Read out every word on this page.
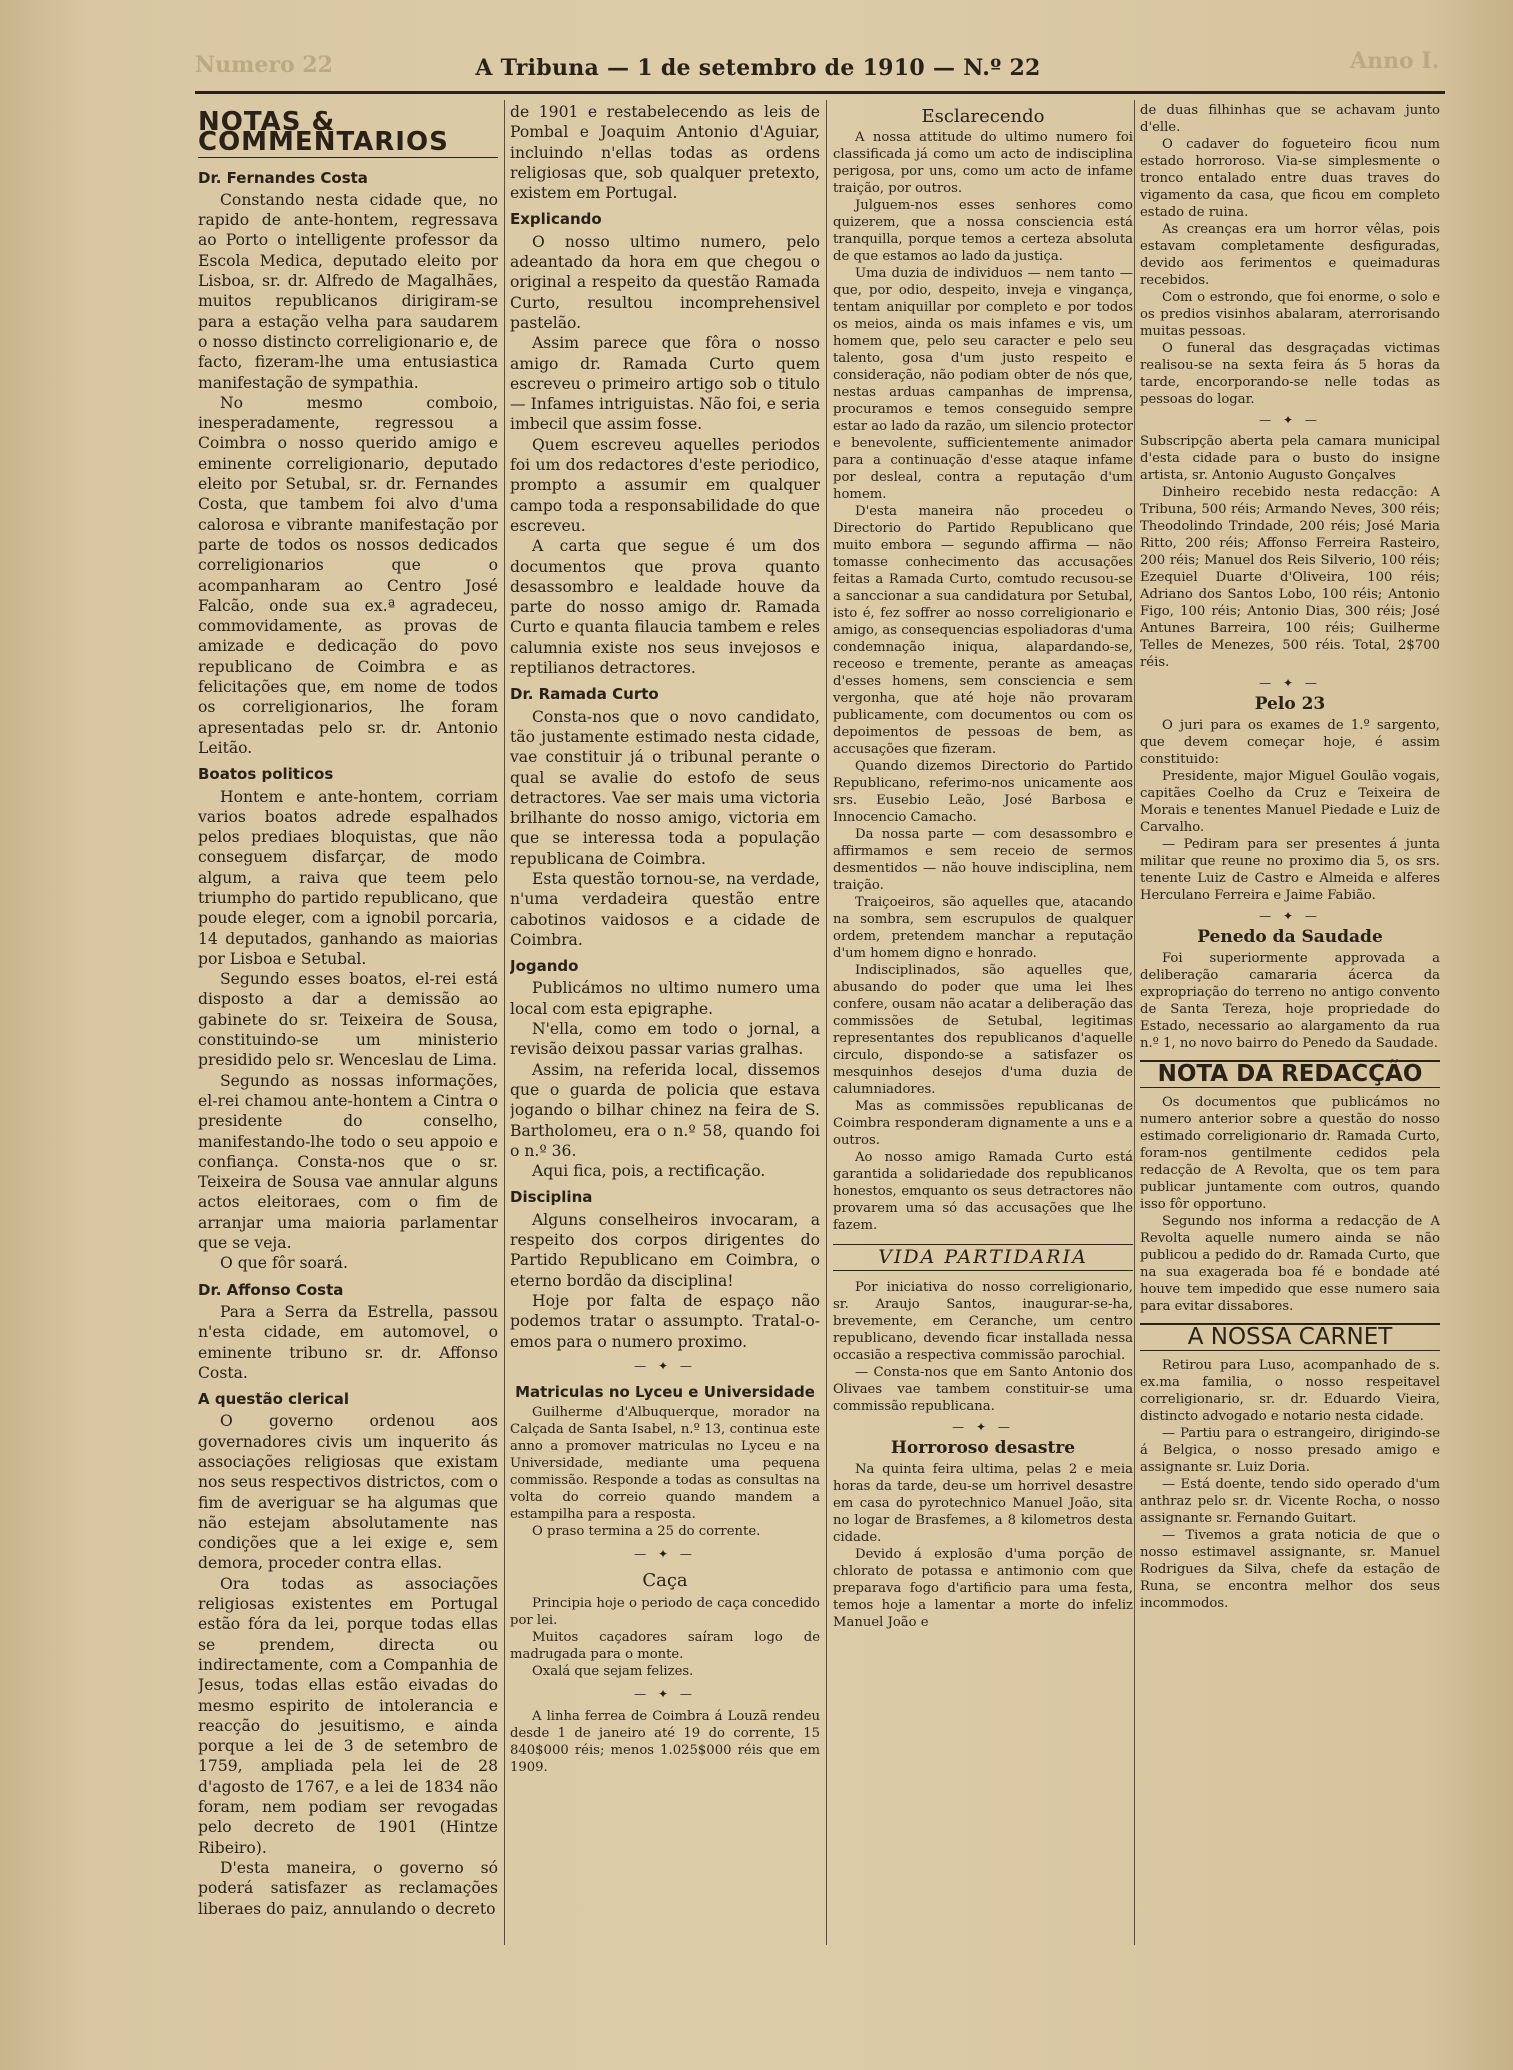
Numero 22	Anno I.
A Tribuna — 1 de setembro de 1910 — N.º 22
NOTAS & COMMENTARIOS
Dr. Fernandes Costa

Constando nesta cidade que, no rapido de ante-hontem, regressava ao Porto o intelligente professor da Escola Medica, deputado eleito por Lisboa, sr. dr. Alfredo de Magalhães, muitos republicanos dirigiram-se para a estação velha para saudarem o nosso distincto correligionario e, de facto, fizeram-lhe uma entusiastica manifestação de sympathia.

No mesmo comboio, inesperadamente, regressou a Coimbra o nosso querido amigo e eminente correligionario, deputado eleito por Setubal, sr. dr. Fernandes Costa, que tambem foi alvo d'uma calorosa e vibrante manifestação por parte de todos os nossos dedicados correligionarios que o acompanharam ao Centro José Falcão, onde sua ex.ª agradeceu, commovidamente, as provas de amizade e dedicação do povo republicano de Coimbra e as felicitações que, em nome de todos os correligionarios, lhe foram apresentadas pelo sr. dr. Antonio Leitão.

Boatos politicos

Hontem e ante-hontem, corriam varios boatos adrede espalhados pelos prediaes bloquistas, que não conseguem disfarçar, de modo algum, a raiva que teem pelo triumpho do partido republicano, que poude eleger, com a ignobil porcaria, 14 deputados, ganhando as maiorias por Lisboa e Setubal.

Segundo esses boatos, el-rei está disposto a dar a demissão ao gabinete do sr. Teixeira de Sousa, constituindo-se um ministerio presidido pelo sr. Wenceslau de Lima.

Segundo as nossas informações, el-rei chamou ante-hontem a Cintra o presidente do conselho, manifestando-lhe todo o seu appoio e confiança. Consta-nos que o sr. Teixeira de Sousa vae annular alguns actos eleitoraes, com o fim de arranjar uma maioria parlamentar que se veja.

O que fôr soará.

Dr. Affonso Costa

Para a Serra da Estrella, passou n'esta cidade, em automovel, o eminente tribuno sr. dr. Affonso Costa.

A questão clerical

O governo ordenou aos governadores civis um inquerito ás associações religiosas que existam nos seus respectivos districtos, com o fim de averiguar se ha algumas que não estejam absolutamente nas condições que a lei exige e, sem demora, proceder contra ellas.

Ora todas as associações religiosas existentes em Portugal estão fóra da lei, porque todas ellas se prendem, directa ou indirectamente, com a Companhia de Jesus, todas ellas estão eivadas do mesmo espirito de intolerancia e reacção do jesuitismo, e ainda porque a lei de 3 de setembro de 1759, ampliada pela lei de 28 d'agosto de 1767, e a lei de 1834 não foram, nem podiam ser revogadas pelo decreto de 1901 (Hintze Ribeiro).

D'esta maneira, o governo só poderá satisfazer as reclamações liberaes do paiz, annulando o decreto

de 1901 e restabelecendo as leis de Pombal e Joaquim Antonio d'Aguiar, incluindo n'ellas todas as ordens religiosas que, sob qualquer pretexto, existem em Portugal.

Explicando

O nosso ultimo numero, pelo adeantado da hora em que chegou o original a respeito da questão Ramada Curto, resultou incomprehensivel pastelão.

Assim parece que fôra o nosso amigo dr. Ramada Curto quem escreveu o primeiro artigo sob o titulo — Infames intriguistas. Não foi, e seria imbecil que assim fosse.

Quem escreveu aquelles periodos foi um dos redactores d'este periodico, prompto a assumir em qualquer campo toda a responsabilidade do que escreveu.

A carta que segue é um dos documentos que prova quanto desassombro e lealdade houve da parte do nosso amigo dr. Ramada Curto e quanta filaucia tambem e reles calumnia existe nos seus invejosos e reptilianos detractores.

Dr. Ramada Curto

Consta-nos que o novo candidato, tão justamente estimado nesta cidade, vae constituir já o tribunal perante o qual se avalie do estofo de seus detractores. Vae ser mais uma victoria brilhante do nosso amigo, victoria em que se interessa toda a população republicana de Coimbra.

Esta questão tornou-se, na verdade, n'uma verdadeira questão entre cabotinos vaidosos e a cidade de Coimbra.

Jogando

Publicámos no ultimo numero uma local com esta epigraphe.

N'ella, como em todo o jornal, a revisão deixou passar varias gralhas.

Assim, na referida local, dissemos que o guarda de policia que estava jogando o bilhar chinez na feira de S. Bartholomeu, era o n.º 58, quando foi o n.º 36.

Aqui fica, pois, a rectificação.

Disciplina

Alguns conselheiros invocaram, a respeito dos corpos dirigentes do Partido Republicano em Coimbra, o eterno bordão da disciplina!

Hoje por falta de espaço não podemos tratar o assumpto. Tratal-o-emos para o numero proximo.

— ✦ —
Matriculas no Lyceu e Universidade

Guilherme d'Albuquerque, morador na Calçada de Santa Isabel, n.º 13, continua este anno a promover matriculas no Lyceu e na Universidade, mediante uma pequena commissão. Responde a todas as consultas na volta do correio quando mandem a estampilha para a resposta.

O praso termina a 25 do corrente.

— ✦ —
Caça

Principia hoje o periodo de caça concedido por lei.

Muitos caçadores saíram logo de madrugada para o monte.

Oxalá que sejam felizes.

— ✦ —

A linha ferrea de Coimbra á Louzã rendeu desde 1 de janeiro até 19 do corrente, 15 840$000 réis; menos 1.025$000 réis que em 1909.

Esclarecendo

A nossa attitude do ultimo numero foi classificada já como um acto de indisciplina perigosa, por uns, como um acto de infame traição, por outros.

Julguem-nos esses senhores como quizerem, que a nossa consciencia está tranquilla, porque temos a certeza absoluta de que estamos ao lado da justiça.

Uma duzia de individuos — nem tanto — que, por odio, despeito, inveja e vingança, tentam aniquillar por completo e por todos os meios, ainda os mais infames e vis, um homem que, pelo seu caracter e pelo seu talento, gosa d'um justo respeito e consideração, não podiam obter de nós que, nestas arduas campanhas de imprensa, procuramos e temos conseguido sempre estar ao lado da razão, um silencio protector e benevolente, sufficientemente animador para a continuação d'esse ataque infame por desleal, contra a reputação d'um homem.

D'esta maneira não procedeu o Directorio do Partido Republicano que muito embora — segundo affirma — não tomasse conhecimento das accusações feitas a Ramada Curto, comtudo recusou-se a sanccionar a sua candidatura por Setubal, isto é, fez soffrer ao nosso correligionario e amigo, as consequencias espoliadoras d'uma condemnação iniqua, alapardando-se, receoso e tremente, perante as ameaças d'esses homens, sem consciencia e sem vergonha, que até hoje não provaram publicamente, com documentos ou com os depoimentos de pessoas de bem, as accusações que fizeram.

Quando dizemos Directorio do Partido Republicano, referimo-nos unicamente aos srs. Eusebio Leão, José Barbosa e Innocencio Camacho.

Da nossa parte — com desassombro e affirmamos e sem receio de sermos desmentidos — não houve indisciplina, nem traição.

Traiçoeiros, são aquelles que, atacando na sombra, sem escrupulos de qualquer ordem, pretendem manchar a reputação d'um homem digno e honrado.

Indisciplinados, são aquelles que, abusando do poder que uma lei lhes confere, ousam não acatar a deliberação das commissões de Setubal, legitimas representantes dos republicanos d'aquelle circulo, dispondo-se a satisfazer os mesquinhos desejos d'uma duzia de calumniadores.

Mas as commissões republicanas de Coimbra responderam dignamente a uns e a outros.

Ao nosso amigo Ramada Curto está garantida a solidariedade dos republicanos honestos, emquanto os seus detractores não provarem uma só das accusações que lhe fazem.

VIDA PARTIDARIA

Por iniciativa do nosso correligionario, sr. Araujo Santos, inaugurar-se-ha, brevemente, em Ceranche, um centro republicano, devendo ficar installada nessa occasião a respectiva commissão parochial.

— Consta-nos que em Santo Antonio dos Olivaes vae tambem constituir-se uma commissão republicana.

— ✦ —
Horroroso desastre

Na quinta feira ultima, pelas 2 e meia horas da tarde, deu-se um horrivel desastre em casa do pyrotechnico Manuel João, sita no logar de Brasfemes, a 8 kilometros desta cidade.

Devido á explosão d'uma porção de chlorato de potassa e antimonio com que preparava fogo d'artificio para uma festa, temos hoje a lamentar a morte do infeliz Manuel João e

de duas filhinhas que se achavam junto d'elle.

O cadaver do fogueteiro ficou num estado horroroso. Via-se simplesmente o tronco entalado entre duas traves do vigamento da casa, que ficou em completo estado de ruina.

As creanças era um horror vêlas, pois estavam completamente desfiguradas, devido aos ferimentos e queimaduras recebidos.

Com o estrondo, que foi enorme, o solo e os predios visinhos abalaram, aterrorisando muitas pessoas.

O funeral das desgraçadas victimas realisou-se na sexta feira ás 5 horas da tarde, encorporando-se nelle todas as pessoas do logar.

— ✦ —

Subscripção aberta pela camara municipal d'esta cidade para o busto do insigne artista, sr. Antonio Augusto Gonçalves

Dinheiro recebido nesta redacção: A Tribuna, 500 réis; Armando Neves, 300 réis; Theodolindo Trindade, 200 réis; José Maria Ritto, 200 réis; Affonso Ferreira Rasteiro, 200 réis; Manuel dos Reis Silverio, 100 réis; Ezequiel Duarte d'Oliveira, 100 réis; Adriano dos Santos Lobo, 100 réis; Antonio Figo, 100 réis; Antonio Dias, 300 réis; José Antunes Barreira, 100 réis; Guilherme Telles de Menezes, 500 réis. Total, 2$700 réis.

— ✦ —
Pelo 23

O juri para os exames de 1.º sargento, que devem começar hoje, é assim constituido:

Presidente, major Miguel Goulão vogais, capitães Coelho da Cruz e Teixeira de Morais e tenentes Manuel Piedade e Luiz de Carvalho.

— Pediram para ser presentes á junta militar que reune no proximo dia 5, os srs. tenente Luiz de Castro e Almeida e alferes Herculano Ferreira e Jaime Fabião.

— ✦ —
Penedo da Saudade

Foi superiormente approvada a deliberação camararia ácerca da expropriação do terreno no antigo convento de Santa Tereza, hoje propriedade do Estado, necessario ao alargamento da rua n.º 1, no novo bairro do Penedo da Saudade.

NOTA DA REDACÇÃO

Os documentos que publicámos no numero anterior sobre a questão do nosso estimado correligionario dr. Ramada Curto, foram-nos gentilmente cedidos pela redacção de A Revolta, que os tem para publicar juntamente com outros, quando isso fôr opportuno.

Segundo nos informa a redacção de A Revolta aquelle numero ainda se não publicou a pedido do dr. Ramada Curto, que na sua exagerada boa fé e bondade até houve tem impedido que esse numero saia para evitar dissabores.

A NOSSA CARNET

Retirou para Luso, acompanhado de s. ex.ma familia, o nosso respeitavel correligionario, sr. dr. Eduardo Vieira, distincto advogado e notario nesta cidade.

— Partiu para o estrangeiro, dirigindo-se á Belgica, o nosso presado amigo e assignante sr. Luiz Doria.

— Está doente, tendo sido operado d'um anthraz pelo sr. dr. Vicente Rocha, o nosso assignante sr. Fernando Guitart.

— Tivemos a grata noticia de que o nosso estimavel assignante, sr. Manuel Rodrigues da Silva, chefe da estação de Runa, se encontra melhor dos seus incommodos.
